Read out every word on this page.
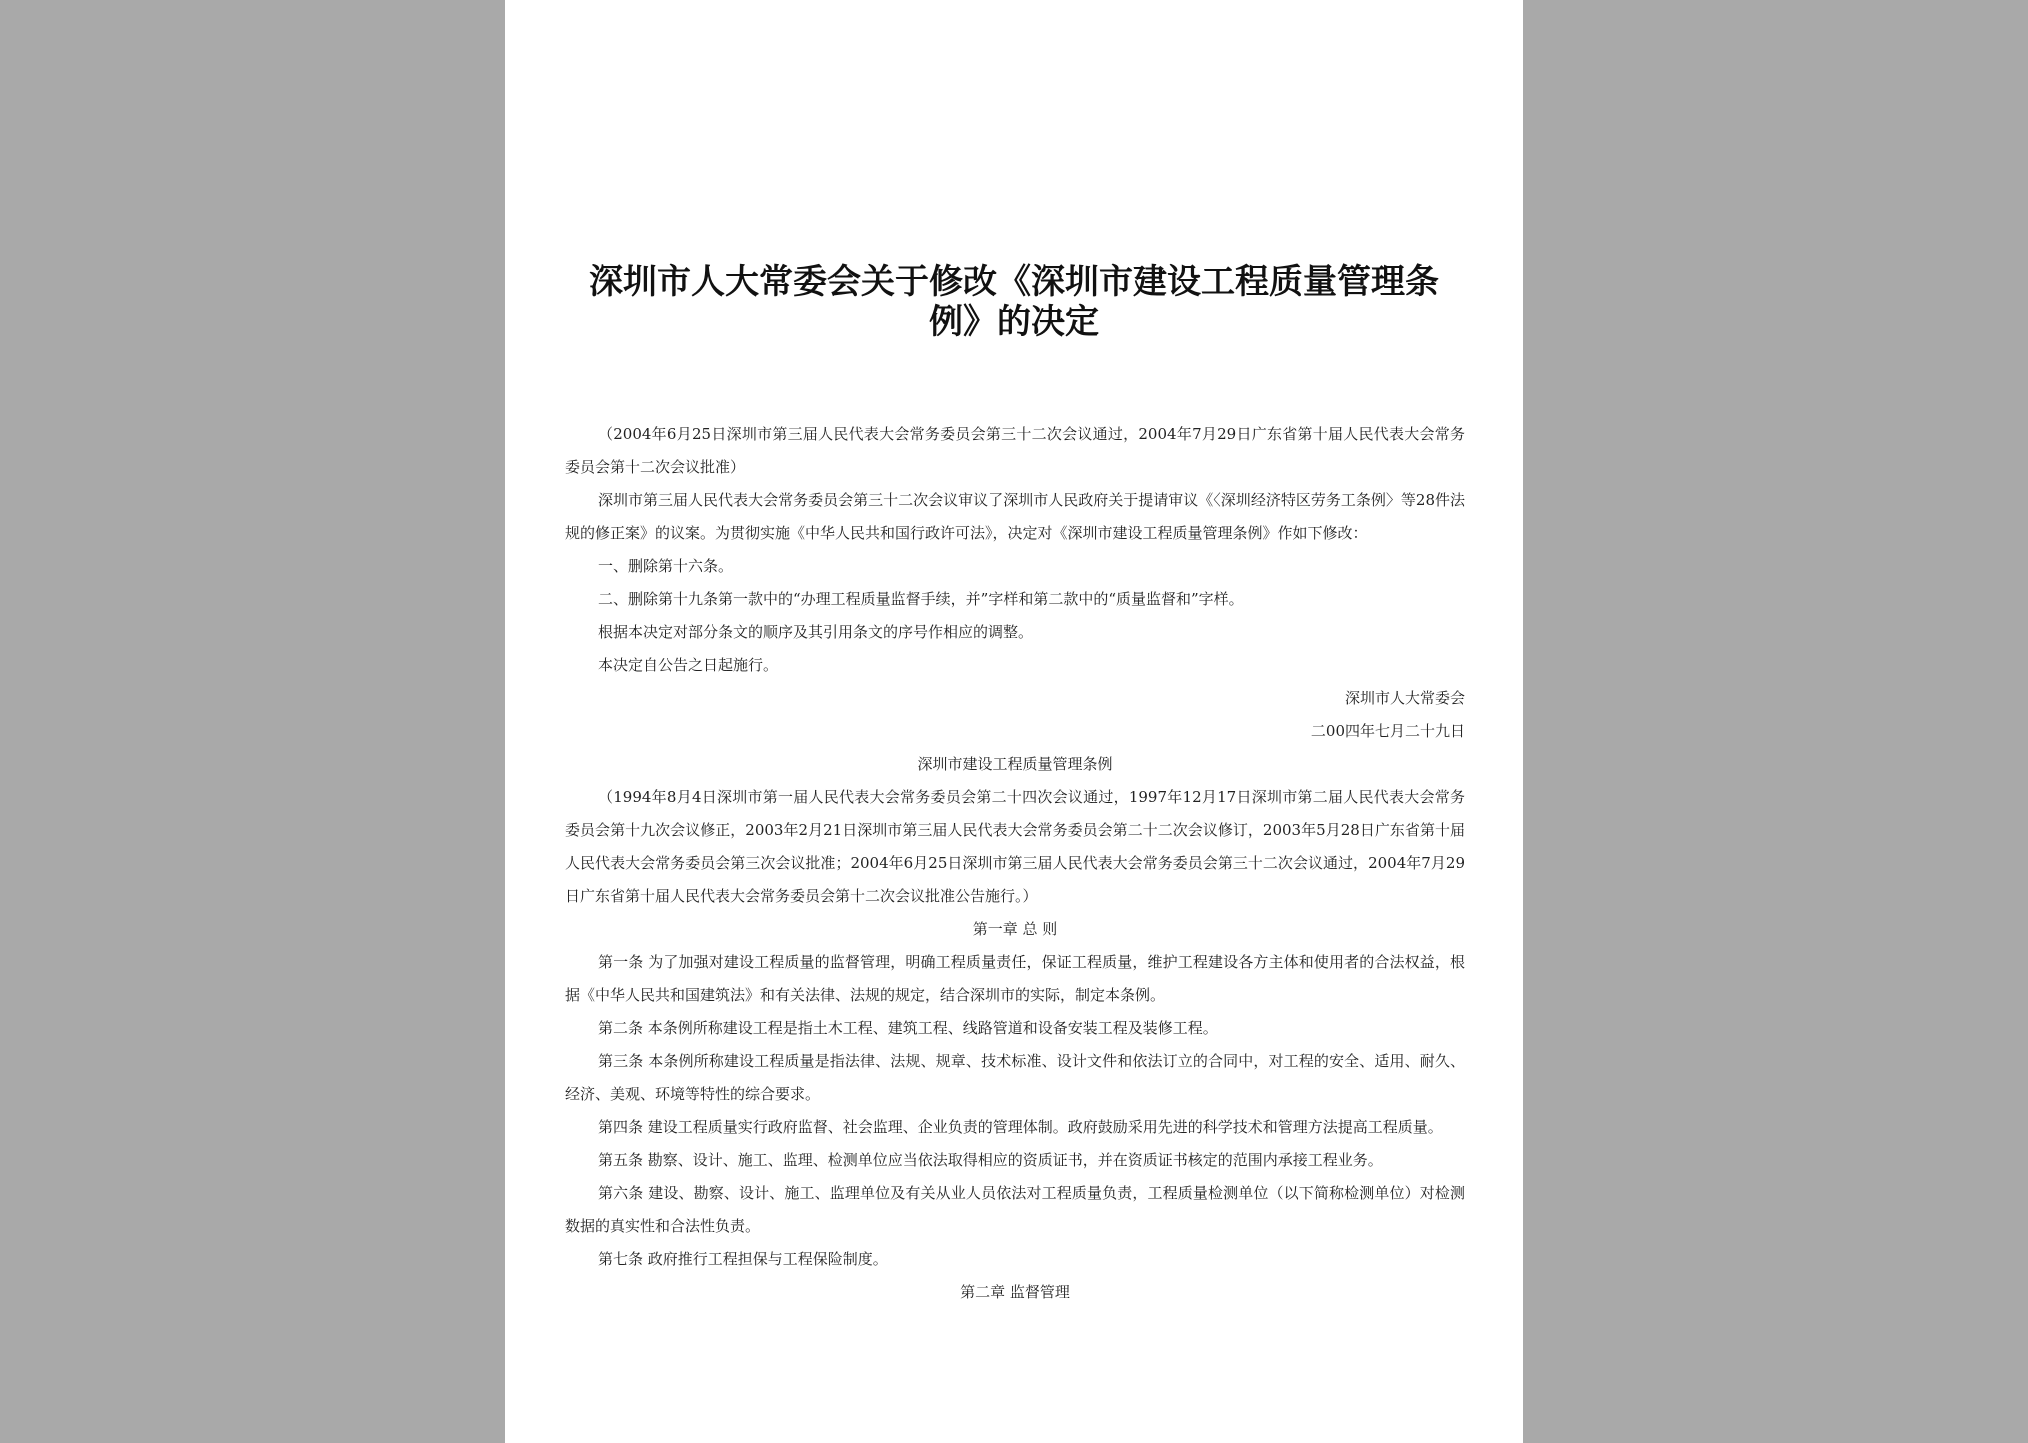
深圳市人大常委会关于修改《深圳市建设工程质量管理条例》的决定

（2004年6月25日深圳市第三届人民代表大会常务委员会第三十二次会议通过，2004年7月29日广东省第十届人民代表大会常务委员会第十二次会议批准）

深圳市第三届人民代表大会常务委员会第三十二次会议审议了深圳市人民政府关于提请审议《〈深圳经济特区劳务工条例〉等28件法规的修正案》的议案。为贯彻实施《中华人民共和国行政许可法》，决定对《深圳市建设工程质量管理条例》作如下修改：

一、删除第十六条。

二、删除第十九条第一款中的“办理工程质量监督手续，并”字样和第二款中的“质量监督和”字样。

根据本决定对部分条文的顺序及其引用条文的序号作相应的调整。

本决定自公告之日起施行。

深圳市人大常委会

二00四年七月二十九日

深圳市建设工程质量管理条例

（1994年8月4日深圳市第一届人民代表大会常务委员会第二十四次会议通过，1997年12月17日深圳市第二届人民代表大会常务委员会第十九次会议修正，2003年2月21日深圳市第三届人民代表大会常务委员会第二十二次会议修订，2003年5月28日广东省第十届人民代表大会常务委员会第三次会议批准；2004年6月25日深圳市第三届人民代表大会常务委员会第三十二次会议通过，2004年7月29日广东省第十届人民代表大会常务委员会第十二次会议批准公告施行。）

第一章 总 则

第一条 为了加强对建设工程质量的监督管理，明确工程质量责任，保证工程质量，维护工程建设各方主体和使用者的合法权益，根据《中华人民共和国建筑法》和有关法律、法规的规定，结合深圳市的实际，制定本条例。

第二条 本条例所称建设工程是指土木工程、建筑工程、线路管道和设备安装工程及装修工程。

第三条 本条例所称建设工程质量是指法律、法规、规章、技术标准、设计文件和依法订立的合同中，对工程的安全、适用、耐久、经济、美观、环境等特性的综合要求。

第四条 建设工程质量实行政府监督、社会监理、企业负责的管理体制。政府鼓励采用先进的科学技术和管理方法提高工程质量。

第五条 勘察、设计、施工、监理、检测单位应当依法取得相应的资质证书，并在资质证书核定的范围内承接工程业务。

第六条 建设、勘察、设计、施工、监理单位及有关从业人员依法对工程质量负责，工程质量检测单位（以下简称检测单位）对检测数据的真实性和合法性负责。

第七条 政府推行工程担保与工程保险制度。

第二章 监督管理
